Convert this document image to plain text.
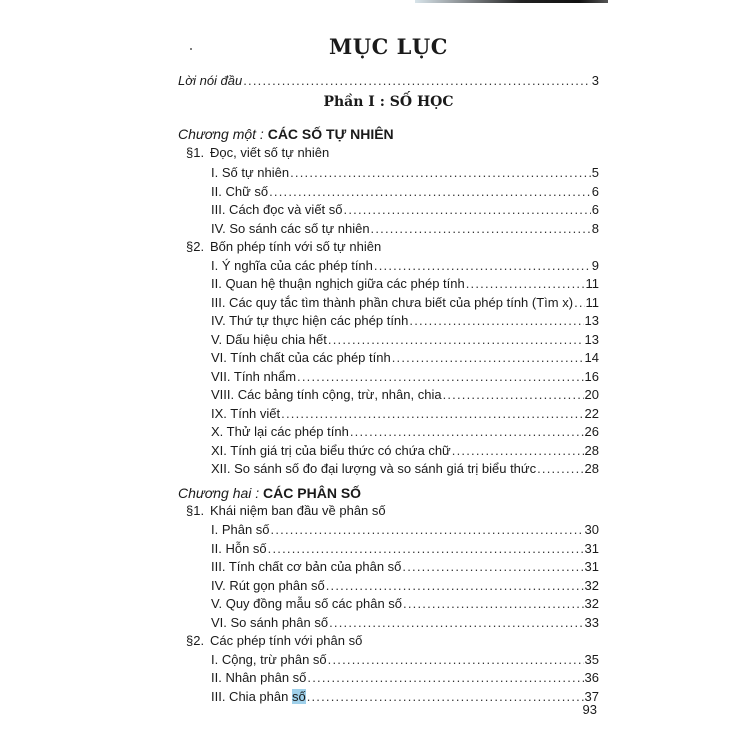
MỤC LỤC
Lời nói đầu .....	3
Phần I : SỐ HỌC
Chương một : CÁC SỐ TỰ NHIÊN
§1. Đọc, viết số tự nhiên
I. Số tự nhiên .....	5
II. Chữ số .....	6
III. Cách đọc và viết số .....	6
IV. So sánh các số tự nhiên .....	8
§2. Bốn phép tính với số tự nhiên
I. Ý nghĩa của các phép tính .....	9
II. Quan hệ thuận nghịch giữa các phép tính .....	11
III. Các quy tắc tìm thành phần chưa biết của phép tính (Tìm x) ..... 11
IV. Thứ tự thực hiện các phép tính .....	13
V. Dấu hiệu chia hết .....	13
VI. Tính chất của các phép tính .....	14
VII. Tính nhẩm .....	16
VIII. Các bảng tính cộng, trừ, nhân, chia .....	20
IX. Tính viết .....	22
X. Thử lại các phép tính .....	26
XI. Tính giá trị của biểu thức có chứa chữ .....	28
XII. So sánh số đo đại lượng và so sánh giá trị biểu thức .....	28
Chương hai : CÁC PHÂN SỐ
§1. Khái niệm ban đầu về phân số
I. Phân số .....	30
II. Hỗn số .....	31
III. Tính chất cơ bản của phân số .....	31
IV. Rút gọn phân số .....	32
V. Quy đồng mẫu số các phân số .....	32
VI. So sánh phân số .....	33
§2. Các phép tính với phân số
I. Cộng, trừ phân số .....	35
II. Nhân phân số .....	36
III. Chia phân số .....	37
93
